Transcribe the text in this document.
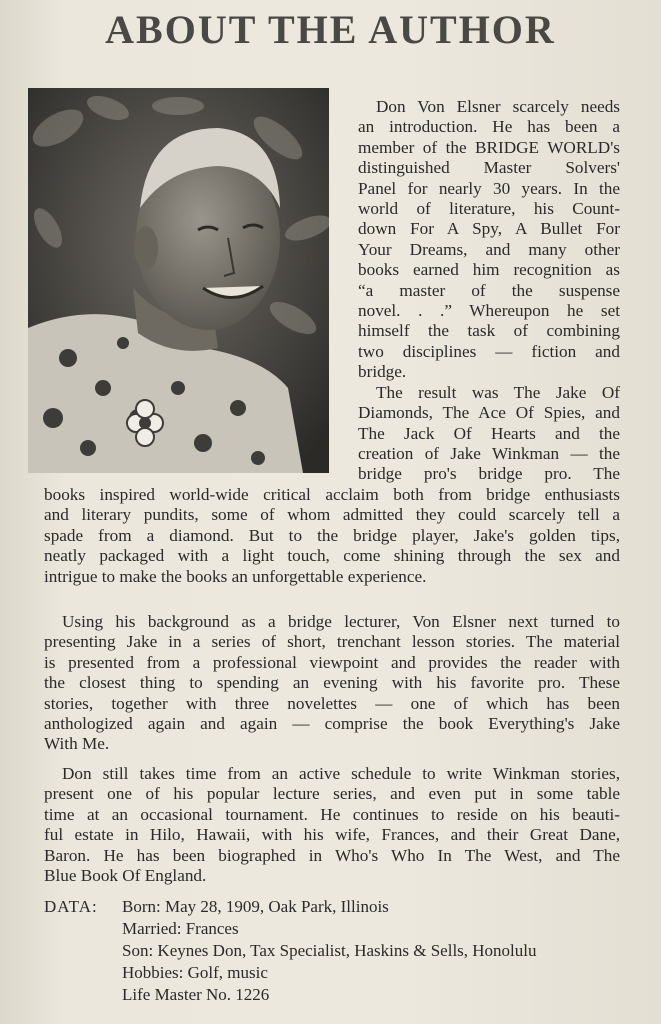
ABOUT THE AUTHOR
Don Von Elsner scarcely needs
an introduction. He has been a
member of the BRIDGE WORLD's
distinguished Master Solvers'
Panel for nearly 30 years. In the
world of literature, his Count-
down For A Spy, A Bullet For
Your Dreams, and many other
books earned him recognition as
“a master of the suspense
novel. . .” Whereupon he set
himself the task of combining
two disciplines — fiction and
bridge.
The result was The Jake Of
Diamonds, The Ace Of Spies, and
The Jack Of Hearts and the
creation of Jake Winkman — the
bridge pro's bridge pro. The
books inspired world-wide critical acclaim both from bridge enthusiasts
and literary pundits, some of whom admitted they could scarcely tell a
spade from a diamond. But to the bridge player, Jake's golden tips,
neatly packaged with a light touch, come shining through the sex and
intrigue to make the books an unforgettable experience.
Using his background as a bridge lecturer, Von Elsner next turned to
presenting Jake in a series of short, trenchant lesson stories. The material
is presented from a professional viewpoint and provides the reader with
the closest thing to spending an evening with his favorite pro. These
stories, together with three novelettes — one of which has been
anthologized again and again — comprise the book Everything's Jake
With Me.
Don still takes time from an active schedule to write Winkman stories,
present one of his popular lecture series, and even put in some table
time at an occasional tournament. He continues to reside on his beauti-
ful estate in Hilo, Hawaii, with his wife, Frances, and their Great Dane,
Baron. He has been biographed in Who's Who In The West, and The
Blue Book Of England.
DATA: Born: May 28, 1909, Oak Park, Illinois
Married: Frances
Son: Keynes Don, Tax Specialist, Haskins & Sells, Honolulu
Hobbies: Golf, music
Life Master No. 1226
